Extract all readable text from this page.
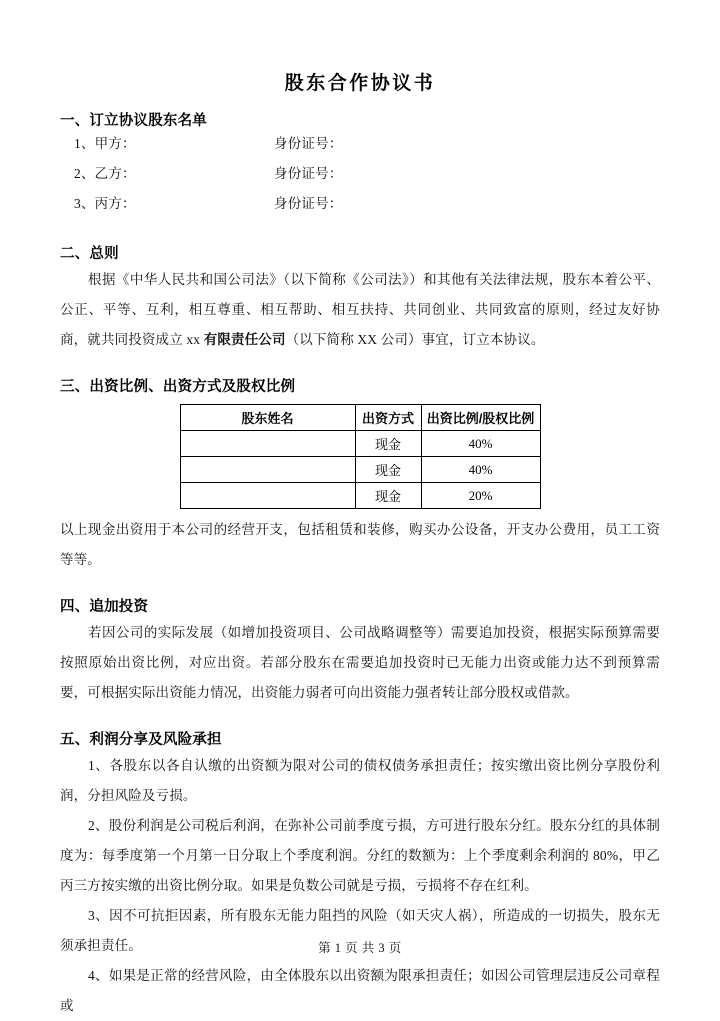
股东合作协议书
一、订立协议股东名单
1、甲方：	身份证号：
2、乙方：	身份证号：
3、丙方：	身份证号：
二、总则

根据《中华人民共和国公司法》（以下简称《公司法》）和其他有关法律法规，股东本着公平、公正、平等、互利，相互尊重、相互帮助、相互扶持、共同创业、共同致富的原则，经过友好协商，就共同投资成立 xx 有限责任公司（以下简称 XX 公司）事宜，订立本协议。

三、出资比例、出资方式及股权比例
股东姓名	出资方式	出资比例/股权比例
	现金	40%
	现金	40%
	现金	20%

以上现金出资用于本公司的经营开支，包括租赁和装修，购买办公设备，开支办公费用，员工工资等等。

四、追加投资

若因公司的实际发展（如增加投资项目、公司战略调整等）需要追加投资，根据实际预算需要按照原始出资比例，对应出资。若部分股东在需要追加投资时已无能力出资或能力达不到预算需要，可根据实际出资能力情况，出资能力弱者可向出资能力强者转让部分股权或借款。

五、利润分享及风险承担

1、各股东以各自认缴的出资额为限对公司的债权债务承担责任；按实缴出资比例分享股份利润，分担风险及亏损。

2、股份利润是公司税后利润，在弥补公司前季度亏损，方可进行股东分红。股东分红的具体制度为：每季度第一个月第一日分取上个季度利润。分红的数额为：上个季度剩余利润的 80%，甲乙丙三方按实缴的出资比例分取。如果是负数公司就是亏损，亏损将不存在红利。

3、因不可抗拒因素，所有股东无能力阻挡的风险（如天灾人祸），所造成的一切损失，股东无须承担责任。

4、如果是正常的经营风险，由全体股东以出资额为限承担责任；如因公司管理层违反公司章程或

第 1 页 共 3 页
